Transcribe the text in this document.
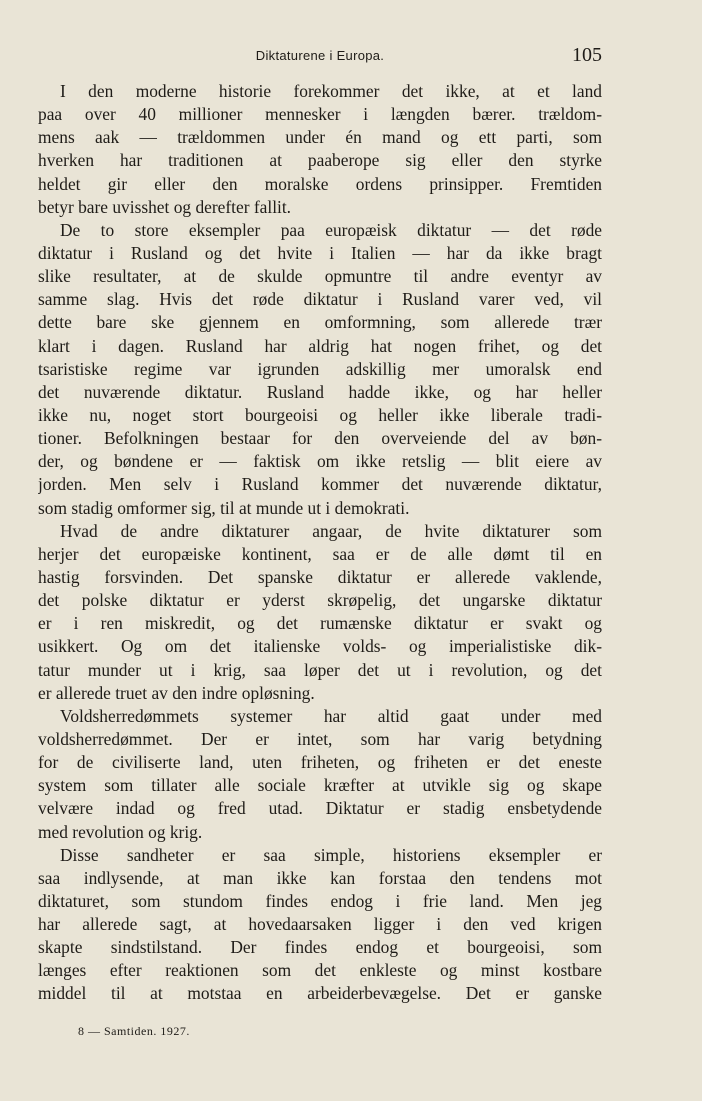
Diktaturene i Europa.	105
I den moderne historie forekommer det ikke, at et land
paa over 40 millioner mennesker i længden bærer. trældom-
mens aak — trældommen under én mand og ett parti, som
hverken har traditionen at paaberope sig eller den styrke
heldet gir eller den moralske ordens prinsipper. Fremtiden
betyr bare uvisshet og derefter fallit.
De to store eksempler paa europæisk diktatur — det røde
diktatur i Rusland og det hvite i Italien — har da ikke bragt
slike resultater, at de skulde opmuntre til andre eventyr av
samme slag. Hvis det røde diktatur i Rusland varer ved, vil
dette bare ske gjennem en omformning, som allerede trær
klart i dagen. Rusland har aldrig hat nogen frihet, og det
tsaristiske regime var igrunden adskillig mer umoralsk end
det nuværende diktatur. Rusland hadde ikke, og har heller
ikke nu, noget stort bourgeoisi og heller ikke liberale tradi-
tioner. Befolkningen bestaar for den overveiende del av bøn-
der, og bøndene er — faktisk om ikke retslig — blit eiere av
jorden. Men selv i Rusland kommer det nuværende diktatur,
som stadig omformer sig, til at munde ut i demokrati.
Hvad de andre diktaturer angaar, de hvite diktaturer som
herjer det europæiske kontinent, saa er de alle dømt til en
hastig forsvinden. Det spanske diktatur er allerede vaklende,
det polske diktatur er yderst skrøpelig, det ungarske diktatur
er i ren miskredit, og det rumænske diktatur er svakt og
usikkert. Og om det italienske volds- og imperialistiske dik-
tatur munder ut i krig, saa løper det ut i revolution, og det
er allerede truet av den indre opløsning.
Voldsherredømmets systemer har altid gaat under med
voldsherredømmet. Der er intet, som har varig betydning
for de civiliserte land, uten friheten, og friheten er det eneste
system som tillater alle sociale kræfter at utvikle sig og skape
velvære indad og fred utad. Diktatur er stadig ensbetydende
med revolution og krig.
Disse sandheter er saa simple, historiens eksempler er
saa indlysende, at man ikke kan forstaa den tendens mot
diktaturet, som stundom findes endog i frie land. Men jeg
har allerede sagt, at hovedaarsaken ligger i den ved krigen
skapte sindstilstand. Der findes endog et bourgeoisi, som
længes efter reaktionen som det enkleste og minst kostbare
middel til at motstaa en arbeiderbevægelse. Det er ganske
8 — Samtiden. 1927.
